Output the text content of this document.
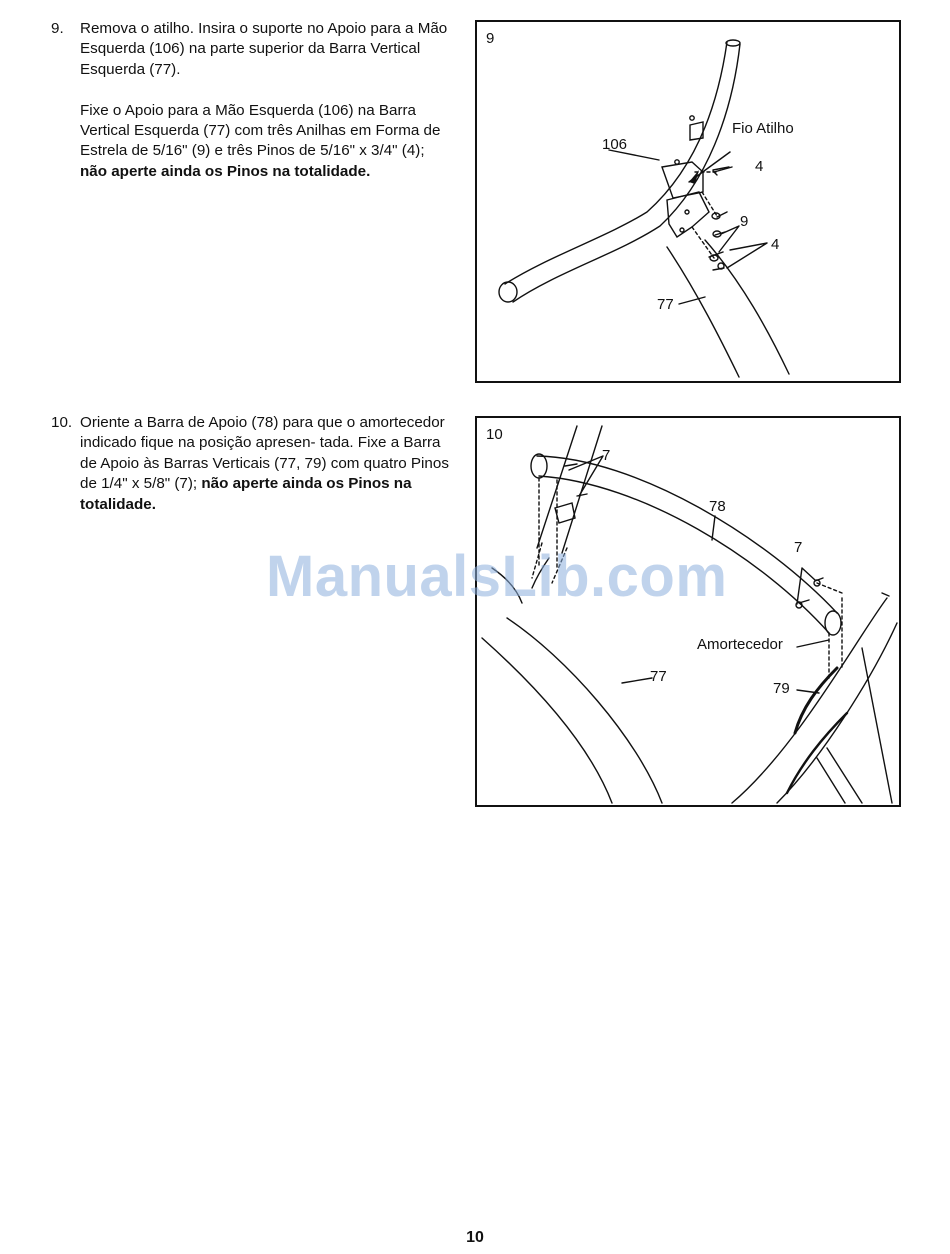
9. Remova o atilho. Insira o suporte no Apoio para a Mão Esquerda (106) na parte superior da Barra Vertical Esquerda (77).

Fixe o Apoio para a Mão Esquerda (106) na Barra Vertical Esquerda (77) com três Anilhas em Forma de Estrela de 5/16" (9) e três Pinos de 5/16" x 3/4" (4); não aperte ainda os Pinos na totalidade.

10. Oriente a Barra de Apoio (78) para que o amortecedor indicado fique na posição apresen- tada. Fixe a Barra de Apoio às Barras Verticais (77, 79) com quatro Pinos de 1/4" x 5/8" (7); não aperte ainda os Pinos na totalidade.

9
106
Fio Atilho
4
9
4
77
10
7
78
7
Amortecedor
77
79
ManualsLib.com
10
